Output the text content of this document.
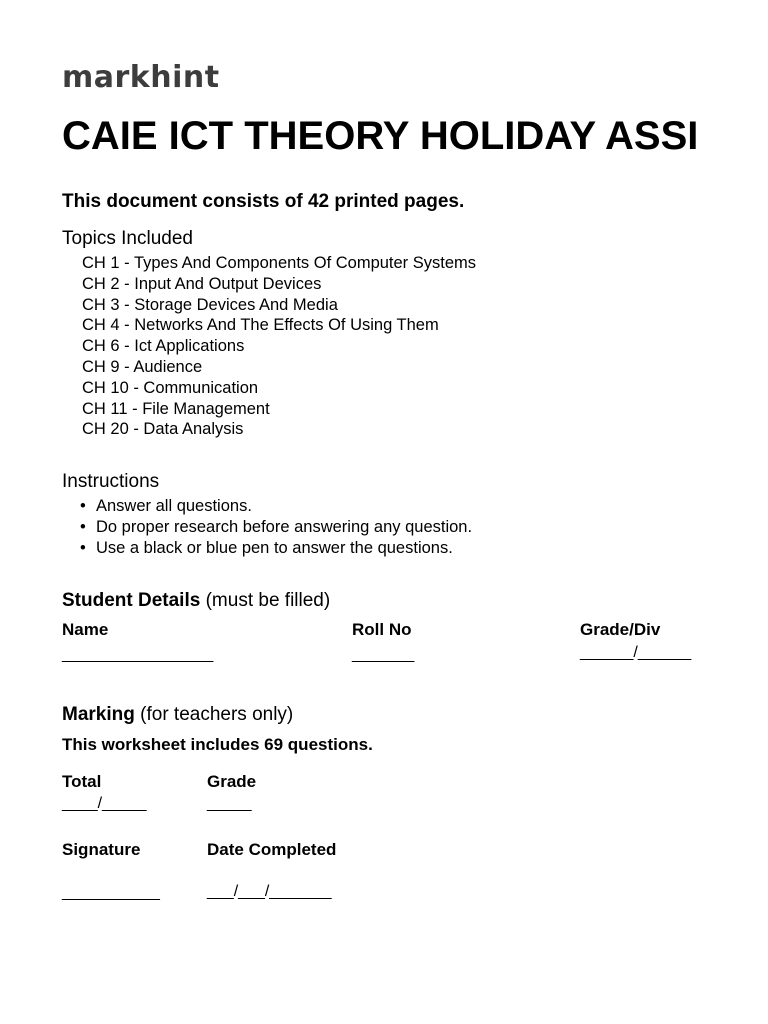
markhint
CAIE ICT THEORY HOLIDAY ASSI
This document consists of 42 printed pages.
Topics Included
CH 1 - Types And Components Of Computer Systems
CH 2 - Input And Output Devices
CH 3 - Storage Devices And Media
CH 4 - Networks And The Effects Of Using Them
CH 6 - Ict Applications
CH 9 - Audience
CH 10 - Communication
CH 11 - File Management
CH 20 - Data Analysis
Instructions
• Answer all questions.
• Do proper research before answering any question.
• Use a black or blue pen to answer the questions.
Student Details (must be filled)
Name
_________________
Roll No
_______
Grade/Div
______/______
Marking (for teachers only)
This worksheet includes 69 questions.
Total
____/_____
Grade
_____
Signature
___________
Date Completed
___/___/_______
